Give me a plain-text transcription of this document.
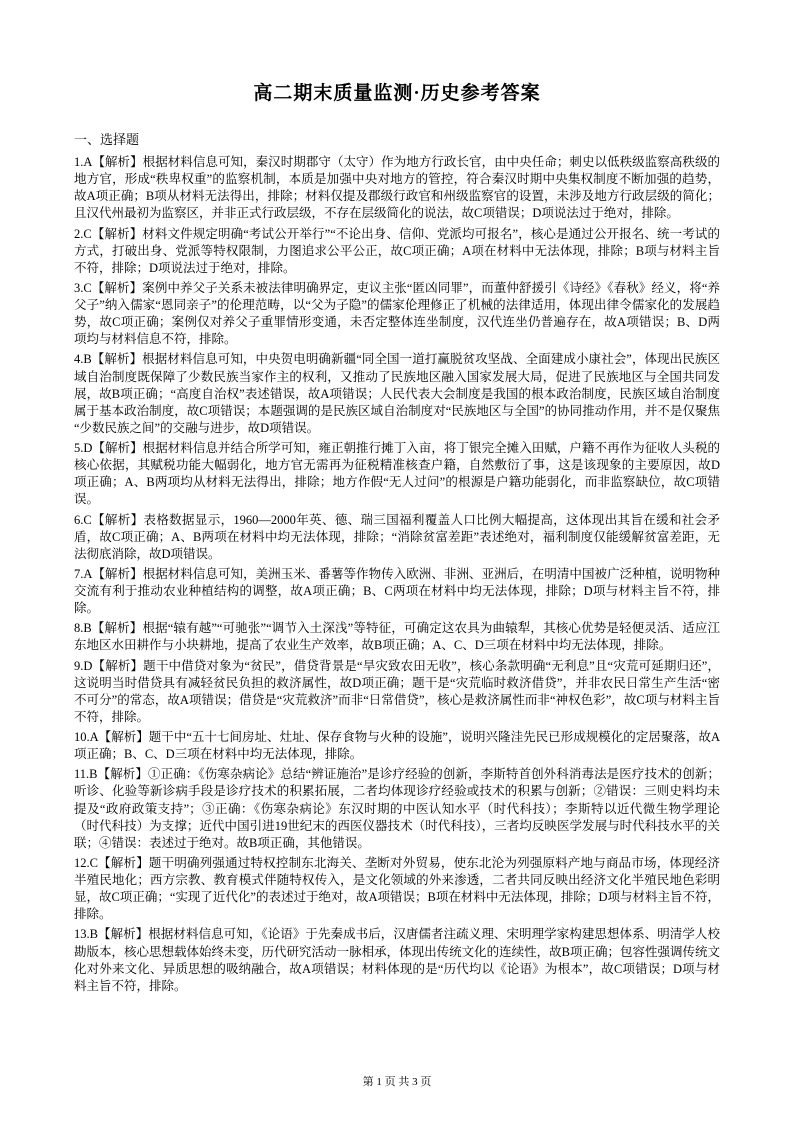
高二期末质量监测·历史参考答案
一、选择题

1.A【解析】根据材料信息可知，秦汉时期郡守（太守）作为地方行政长官，由中央任命；刺史以低秩级监察高秩级的地方官，形成“秩卑权重”的监察机制，本质是加强中央对地方的管控，符合秦汉时期中央集权制度不断加强的趋势，故A项正确；B项从材料无法得出，排除；材料仅提及郡级行政官和州级监察官的设置，未涉及地方行政层级的简化；且汉代州最初为监察区，并非正式行政层级，不存在层级简化的说法，故C项错误；D项说法过于绝对，排除。

2.C【解析】材料文件规定明确“考试公开举行”“不论出身、信仰、党派均可报名”，核心是通过公开报名、统一考试的方式，打破出身、党派等特权限制，力图追求公平公正，故C项正确；A项在材料中无法体现，排除；B项与材料主旨不符，排除；D项说法过于绝对，排除。

3.C【解析】案例中养父子关系未被法律明确界定，吏议主张“匿凶同罪”，而董仲舒援引《诗经》《春秋》经义，将“养父子”纳入儒家“恩同亲子”的伦理范畴，以“父为子隐”的儒家伦理修正了机械的法律适用，体现出律令儒家化的发展趋势，故C项正确；案例仅对养父子重罪情形变通，未否定整体连坐制度，汉代连坐仍普遍存在，故A项错误；B、D两项均与材料信息不符，排除。

4.B【解析】根据材料信息可知，中央贺电明确新疆“同全国一道打赢脱贫攻坚战、全面建成小康社会”，体现出民族区域自治制度既保障了少数民族当家作主的权利，又推动了民族地区融入国家发展大局，促进了民族地区与全国共同发展，故B项正确；“高度自治权”表述错误，故A项错误；人民代表大会制度是我国的根本政治制度，民族区域自治制度属于基本政治制度，故C项错误；本题强调的是民族区域自治制度对“民族地区与全国”的协同推动作用，并不是仅聚焦“少数民族之间”的交融与进步，故D项错误。

5.D【解析】根据材料信息并结合所学可知，雍正朝推行摊丁入亩，将丁银完全摊入田赋，户籍不再作为征收人头税的核心依据，其赋税功能大幅弱化，地方官无需再为征税精准核查户籍，自然敷衍了事，这是该现象的主要原因，故D项正确；A、B两项均从材料无法得出，排除；地方作假“无人过问”的根源是户籍功能弱化，而非监察缺位，故C项错误。

6.C【解析】表格数据显示，1960—2000年英、德、瑞三国福利覆盖人口比例大幅提高，这体现出其旨在缓和社会矛盾，故C项正确；A、B两项在材料中均无法体现，排除；“消除贫富差距”表述绝对，福利制度仅能缓解贫富差距，无法彻底消除，故D项错误。

7.A【解析】根据材料信息可知，美洲玉米、番薯等作物传入欧洲、非洲、亚洲后，在明清中国被广泛种植，说明物种交流有利于推动农业种植结构的调整，故A项正确；B、C两项在材料中均无法体现，排除；D项与材料主旨不符，排除。

8.B【解析】根据“辕有越”“可驰张”“调节入土深浅”等特征，可确定这农具为曲辕犁，其核心优势是轻便灵活、适应江东地区水田耕作与小块耕地，提高了农业生产效率，故B项正确；A、C、D三项在材料中均无法体现，排除。

9.D【解析】题干中借贷对象为“贫民”，借贷背景是“旱灾致农田无收”，核心条款明确“无利息”且“灾荒可延期归还”，这说明当时借贷具有减轻贫民负担的救济属性，故D项正确；题干是“灾荒临时救济借贷”，并非农民日常生产生活“密不可分”的常态，故A项错误；借贷是“灾荒救济”而非“日常借贷”，核心是救济属性而非“神权色彩”，故C项与材料主旨不符，排除。

10.A【解析】题干中“五十七间房址、灶址、保存食物与火种的设施”，说明兴隆洼先民已形成规模化的定居聚落，故A项正确；B、C、D三项在材料中均无法体现，排除。

11.B【解析】①正确：《伤寒杂病论》总结“辨证施治”是诊疗经验的创新，李斯特首创外科消毒法是医疗技术的创新；听诊、化验等新诊病手段是诊疗技术的积累拓展，二者均体现诊疗经验或技术的积累与创新；②错误：三则史料均未提及“政府政策支持”；③正确：《伤寒杂病论》东汉时期的中医认知水平（时代科技）；李斯特以近代微生物学理论（时代科技）为支撑；近代中国引进19世纪末的西医仪器技术（时代科技），三者均反映医学发展与时代科技水平的关联；④错误：表述过于绝对。故B项正确，其他错误。

12.C【解析】题干明确列强通过特权控制东北海关、垄断对外贸易，使东北沦为列强原料产地与商品市场，体现经济半殖民地化；西方宗教、教育模式伴随特权传入，是文化领域的外来渗透，二者共同反映出经济文化半殖民地色彩明显，故C项正确；“实现了近代化”的表述过于绝对，故A项错误；B项在材料中无法体现，排除；D项与材料主旨不符，排除。

13.B【解析】根据材料信息可知，《论语》于先秦成书后，汉唐儒者注疏义理、宋明理学家构建思想体系、明清学人校勘版本，核心思想载体始终未变，历代研究活动一脉相承，体现出传统文化的连续性，故B项正确；包容性强调传统文化对外来文化、异质思想的吸纳融合，故A项错误；材料体现的是“历代均以《论语》为根本”，故C项错误；D项与材料主旨不符，排除。

第 1 页 共 3 页
